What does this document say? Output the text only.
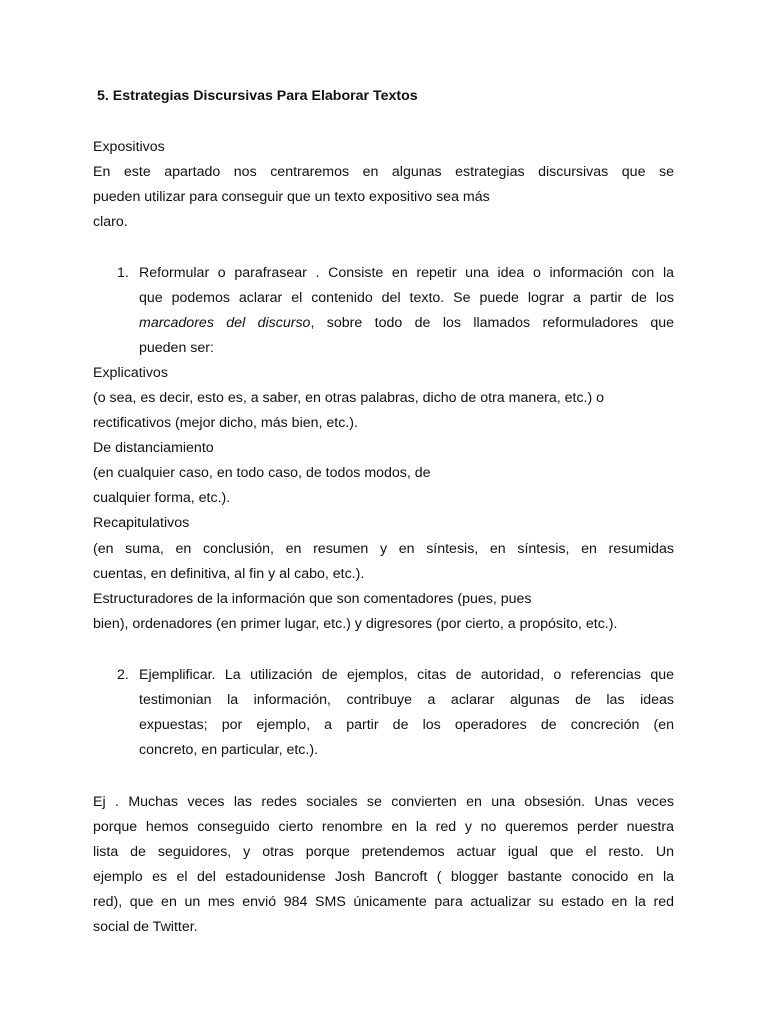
5. Estrategias Discursivas Para Elaborar Textos
Expositivos
En este apartado nos centraremos en algunas estrategias discursivas que se
pueden utilizar para conseguir que un texto expositivo sea más
claro.
1. Reformular o parafrasear . Consiste en repetir una idea o información con la
que podemos aclarar el contenido del texto. Se puede lograr a partir de los
marcadores del discurso, sobre todo de los llamados reformuladores que
pueden ser:
Explicativos
(o sea, es decir, esto es, a saber, en otras palabras, dicho de otra manera, etc.) o
rectificativos (mejor dicho, más bien, etc.).
De distanciamiento
(en cualquier caso, en todo caso, de todos modos, de
cualquier forma, etc.).
Recapitulativos
(en suma, en conclusión, en resumen y en síntesis, en síntesis, en resumidas
cuentas, en definitiva, al fin y al cabo, etc.).
Estructuradores de la información que son comentadores (pues, pues
bien), ordenadores (en primer lugar, etc.) y digresores (por cierto, a propósito, etc.).
2. Ejemplificar. La utilización de ejemplos, citas de autoridad, o referencias que
testimonian la información, contribuye a aclarar algunas de las ideas
expuestas; por ejemplo, a partir de los operadores de concreción (en
concreto, en particular, etc.).
Ej . Muchas veces las redes sociales se convierten en una obsesión. Unas veces
porque hemos conseguido cierto renombre en la red y no queremos perder nuestra
lista de seguidores, y otras porque pretendemos actuar igual que el resto. Un
ejemplo es el del estadounidense Josh Bancroft ( blogger bastante conocido en la
red), que en un mes envió 984 SMS únicamente para actualizar su estado en la red
social de Twitter.
